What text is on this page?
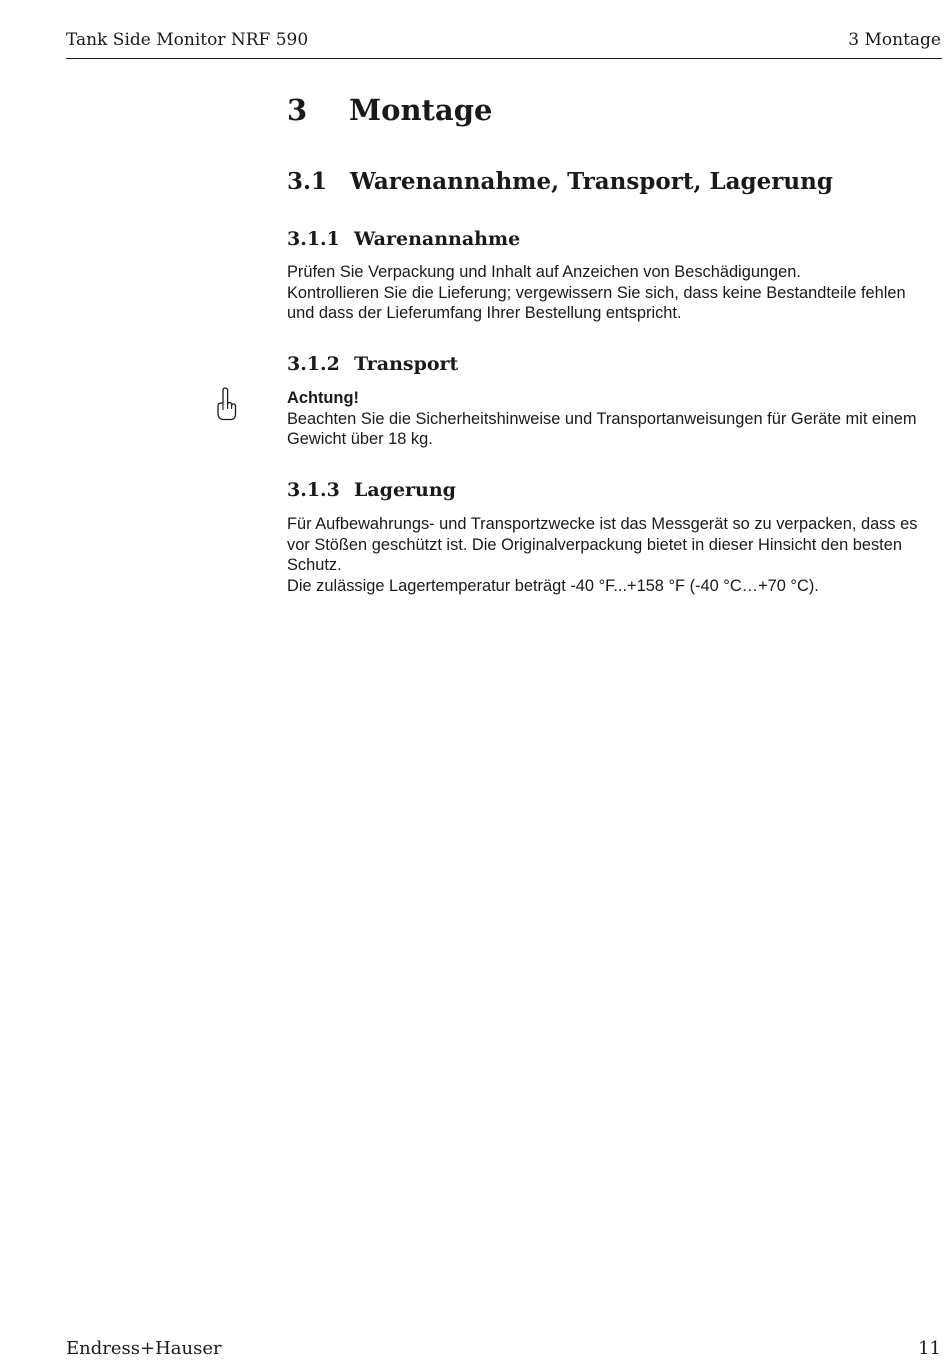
Tank Side Monitor NRF 590	3 Montage
3 Montage
3.1 Warenannahme, Transport, Lagerung
3.1.1 Warenannahme
Prüfen Sie Verpackung und Inhalt auf Anzeichen von Beschädigungen.
Kontrollieren Sie die Lieferung; vergewissern Sie sich, dass keine Bestandteile fehlen
und dass der Lieferumfang Ihrer Bestellung entspricht.
3.1.2 Transport
Achtung!
Beachten Sie die Sicherheitshinweise und Transportanweisungen für Geräte mit einem
Gewicht über 18 kg.
3.1.3 Lagerung
Für Aufbewahrungs- und Transportzwecke ist das Messgerät so zu verpacken, dass es
vor Stößen geschützt ist. Die Originalverpackung bietet in dieser Hinsicht den besten
Schutz.
Die zulässige Lagertemperatur beträgt -40 °F...+158 °F (-40 °C…+70 °C).
Endress+Hauser	11
